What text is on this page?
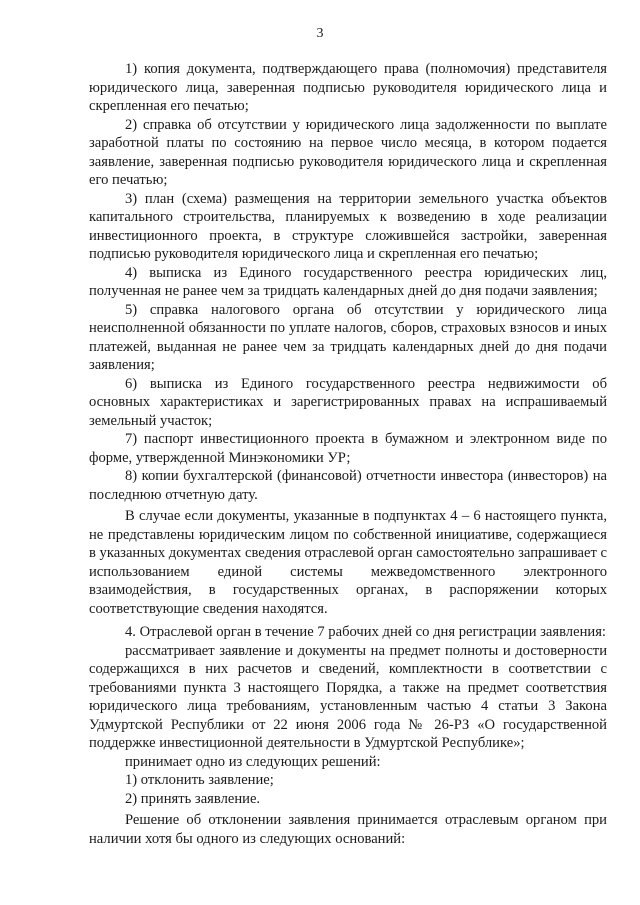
3

1) копия документа, подтверждающего права (полномочия) представителя юридического лица, заверенная подписью руководителя юридического лица и скрепленная его печатью;

2) справка об отсутствии у юридического лица задолженности по выплате заработной платы по состоянию на первое число месяца, в котором подается заявление, заверенная подписью руководителя юридического лица и скрепленная его печатью;

3) план (схема) размещения на территории земельного участка объектов капитального строительства, планируемых к возведению в ходе реализации инвестиционного проекта, в структуре сложившейся застройки, заверенная подписью руководителя юридического лица и скрепленная его печатью;

4) выписка из Единого государственного реестра юридических лиц, полученная не ранее чем за тридцать календарных дней до дня подачи заявления;

5) справка налогового органа об отсутствии у юридического лица неисполненной обязанности по уплате налогов, сборов, страховых взносов и иных платежей, выданная не ранее чем за тридцать календарных дней до дня подачи заявления;

6) выписка из Единого государственного реестра недвижимости об основных характеристиках и зарегистрированных правах на испрашиваемый земельный участок;

7) паспорт инвестиционного проекта в бумажном и электронном виде по форме, утвержденной Минэкономики УР;

8) копии бухгалтерской (финансовой) отчетности инвестора (инвесторов) на последнюю отчетную дату.

В случае если документы, указанные в подпунктах 4 – 6 настоящего пункта, не представлены юридическим лицом по собственной инициативе, содержащиеся в указанных документах сведения отраслевой орган самостоятельно запрашивает с использованием единой системы межведомственного электронного взаимодействия, в государственных органах, в распоряжении которых соответствующие сведения находятся.

4. Отраслевой орган в течение 7 рабочих дней со дня регистрации заявления:

рассматривает заявление и документы на предмет полноты и достоверности содержащихся в них расчетов и сведений, комплектности в соответствии с требованиями пункта 3 настоящего Порядка, а также на предмет соответствия юридического лица требованиям, установленным частью 4 статьи 3 Закона Удмуртской Республики от 22 июня 2006 года № 26-РЗ «О государственной поддержке инвестиционной деятельности в Удмуртской Республике»;

принимает одно из следующих решений:

1) отклонить заявление;

2) принять заявление.

Решение об отклонении заявления принимается отраслевым органом при наличии хотя бы одного из следующих оснований:
